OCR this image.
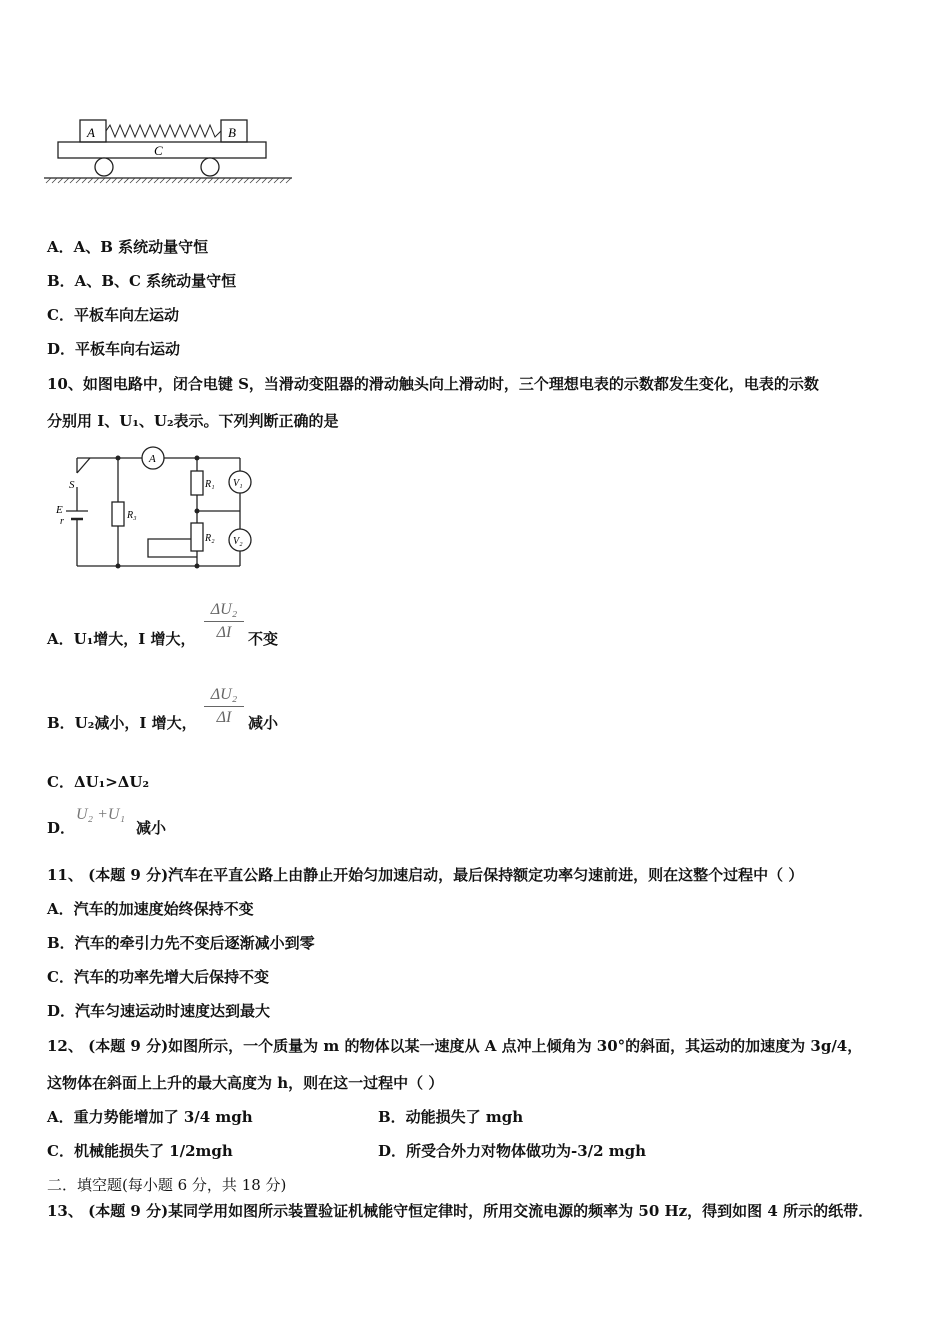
A	B
C
A．A、B 系统动量守恒
B．A、B、C 系统动量守恒
C．平板车向左运动
D．平板车向右运动
10、如图电路中，闭合电键 S，当滑动变阻器的滑动触头向上滑动时，三个理想电表的示数都发生变化，电表的示数
分别用 I、U₁、U₂表示。下列判断正确的是
S
E
r
R₃
R₁
R₂
A
V₁
V₂
A．U₁增大，I 增大， $\frac{\text{ΔU₂}}{\Delta I}$ 不变
B．U₂减小，I 增大， $\frac{\text{ΔU₂}}{\Delta I}$ 减小
C．ΔU₁>ΔU₂
D．
U₂ +U₁
减小
11、 (本题 9 分)汽车在平直公路上由静止开始匀加速启动，最后保持额定功率匀速前进，则在这整个过程中（ ）
A．汽车的加速度始终保持不变
B．汽车的牵引力先不变后逐渐减小到零
C．汽车的功率先增大后保持不变
D．汽车匀速运动时速度达到最大
12、 (本题 9 分)如图所示，一个质量为 m 的物体以某一速度从 A 点冲上倾角为 30°的斜面，其运动的加速度为 3g/4，
这物体在斜面上上升的最大高度为 h，则在这一过程中（ ）
A．重力势能增加了 3/4 mgh	B．动能损失了 mgh
C．机械能损失了 1/2mgh	D．所受合外力对物体做功为-3/2 mgh
二．填空题(每小题 6 分，共 18 分)
13、 (本题 9 分)某同学用如图所示装置验证机械能守恒定律时，所用交流电源的频率为 50 Hz，得到如图 4 所示的纸带．
